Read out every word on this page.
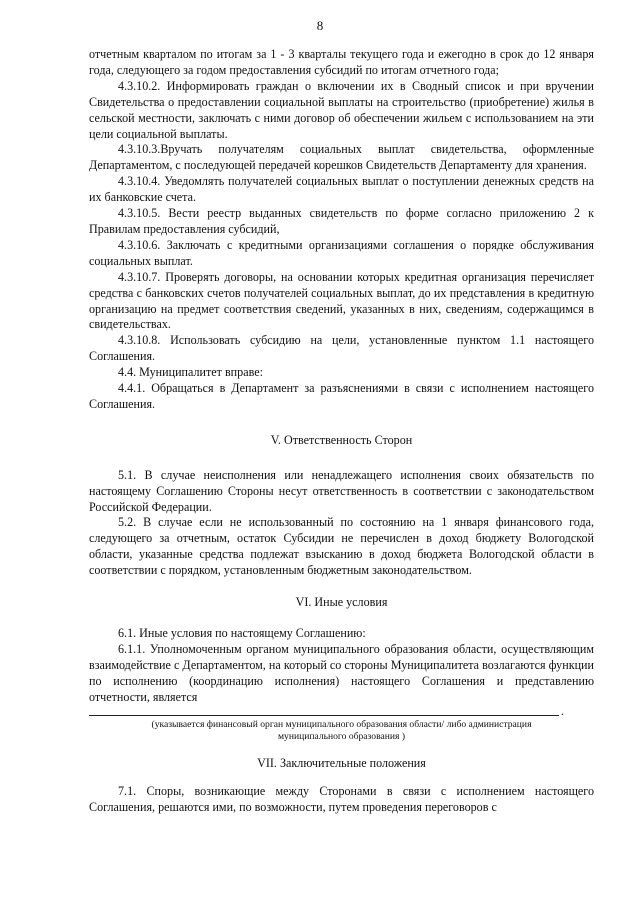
8

отчетным кварталом по итогам за 1 - 3 кварталы текущего года и ежегодно в срок до 12 января года, следующего за годом предоставления субсидий по итогам отчетного года;

4.3.10.2. Информировать граждан о включении их в Сводный список и при вручении Свидетельства о предоставлении социальной выплаты на строительство (приобретение) жилья в сельской местности, заключать с ними договор об обеспечении жильем с использованием на эти цели социальной выплаты.

4.3.10.3.Вручать получателям социальных выплат свидетельства, оформленные Департаментом, с последующей передачей корешков Свидетельств Департаменту для хранения.

4.3.10.4. Уведомлять получателей социальных выплат о поступлении денежных средств на их банковские счета.

4.3.10.5. Вести реестр выданных свидетельств по форме согласно приложению 2 к Правилам предоставления субсидий,

4.3.10.6. Заключать с кредитными организациями соглашения о порядке обслуживания социальных выплат.

4.3.10.7. Проверять договоры, на основании которых кредитная организация перечисляет средства с банковских счетов получателей социальных выплат, до их представления в кредитную организацию на предмет соответствия сведений, указанных в них, сведениям, содержащимся в свидетельствах.

4.3.10.8. Использовать субсидию на цели, установленные пунктом 1.1 настоящего Соглашения.

4.4. Муниципалитет вправе:

4.4.1. Обращаться в Департамент за разъяснениями в связи с исполнением настоящего Соглашения.

V. Ответственность Сторон

5.1. В случае неисполнения или ненадлежащего исполнения своих обязательств по настоящему Соглашению Стороны несут ответственность в соответствии с законодательством Российской Федерации.

5.2. В случае если не использованный по состоянию на 1 января финансового года, следующего за отчетным, остаток Субсидии не перечислен в доход бюджету Вологодской области, указанные средства подлежат взысканию в доход бюджета Вологодской области в соответствии с порядком, установленным бюджетным законодательством.

VI. Иные условия

6.1. Иные условия по настоящему Соглашению:

6.1.1. Уполномоченным органом муниципального образования области, осуществляющим взаимодействие с Департаментом, на который со стороны Муниципалитета возлагаются функции по исполнению (координацию исполнения) настоящего Соглашения и представлению отчетности, является

.
(указывается финансовый орган муниципального образования области/ либо администрация
муниципального образования )

VII. Заключительные положения

7.1. Споры, возникающие между Сторонами в связи с исполнением настоящего Соглашения, решаются ими, по возможности, путем проведения переговоров с
